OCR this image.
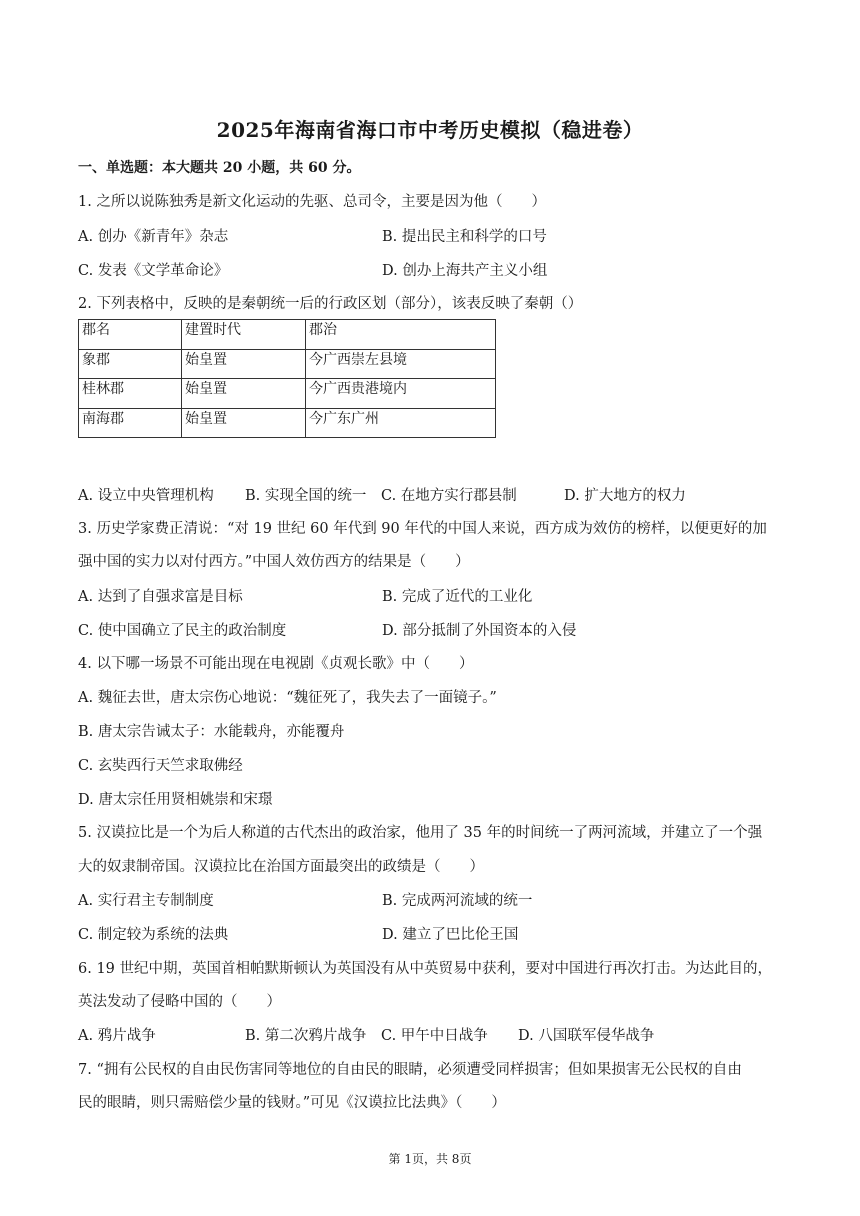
2025年海南省海口市中考历史模拟（稳进卷）
一、单选题：本大题共 20 小题，共 60 分。
1. 之所以说陈独秀是新文化运动的先驱、总司令，主要是因为他（　　）
A. 创办《新青年》杂志	B. 提出民主和科学的口号
C. 发表《文学革命论》	D. 创办上海共产主义小组
2. 下列表格中，反映的是秦朝统一后的行政区划（部分），该表反映了秦朝（）
郡名	建置时代	郡治
象郡	始皇置	今广西崇左县境
桂林郡	始皇置	今广西贵港境内
南海郡	始皇置	今广东广州
A. 设立中央管理机构 B. 实现全国的统一 C. 在地方实行郡县制	D. 扩大地方的权力
3. 历史学家费正清说：“对 19 世纪 60 年代到 90 年代的中国人来说，西方成为效仿的榜样，以便更好的加
强中国的实力以对付西方。”中国人效仿西方的结果是（　　）
A. 达到了自强求富是目标	B. 完成了近代的工业化
C. 使中国确立了民主的政治制度	D. 部分抵制了外国资本的入侵
4. 以下哪一场景不可能出现在电视剧《贞观长歌》中（　　）
A. 魏征去世，唐太宗伤心地说：“魏征死了，我失去了一面镜子。”
B. 唐太宗告诫太子：水能载舟，亦能覆舟
C. 玄奘西行天竺求取佛经
D. 唐太宗任用贤相姚崇和宋璟
5. 汉谟拉比是一个为后人称道的古代杰出的政治家，他用了 35 年的时间统一了两河流域，并建立了一个强
大的奴隶制帝国。汉谟拉比在治国方面最突出的政绩是（　　）
A. 实行君主专制制度	B. 完成两河流域的统一
C. 制定较为系统的法典	D. 建立了巴比伦王国
6. 19 世纪中期，英国首相帕默斯顿认为英国没有从中英贸易中获利，要对中国进行再次打击。为达此目的，
英法发动了侵略中国的（　　）
A. 鸦片战争	B. 第二次鸦片战争 C. 甲午中日战争 D. 八国联军侵华战争
7. “拥有公民权的自由民伤害同等地位的自由民的眼睛，必须遭受同样损害；但如果损害无公民权的自由
民的眼睛，则只需赔偿少量的钱财。”可见《汉谟拉比法典》（　　）
第 1页，共 8页
